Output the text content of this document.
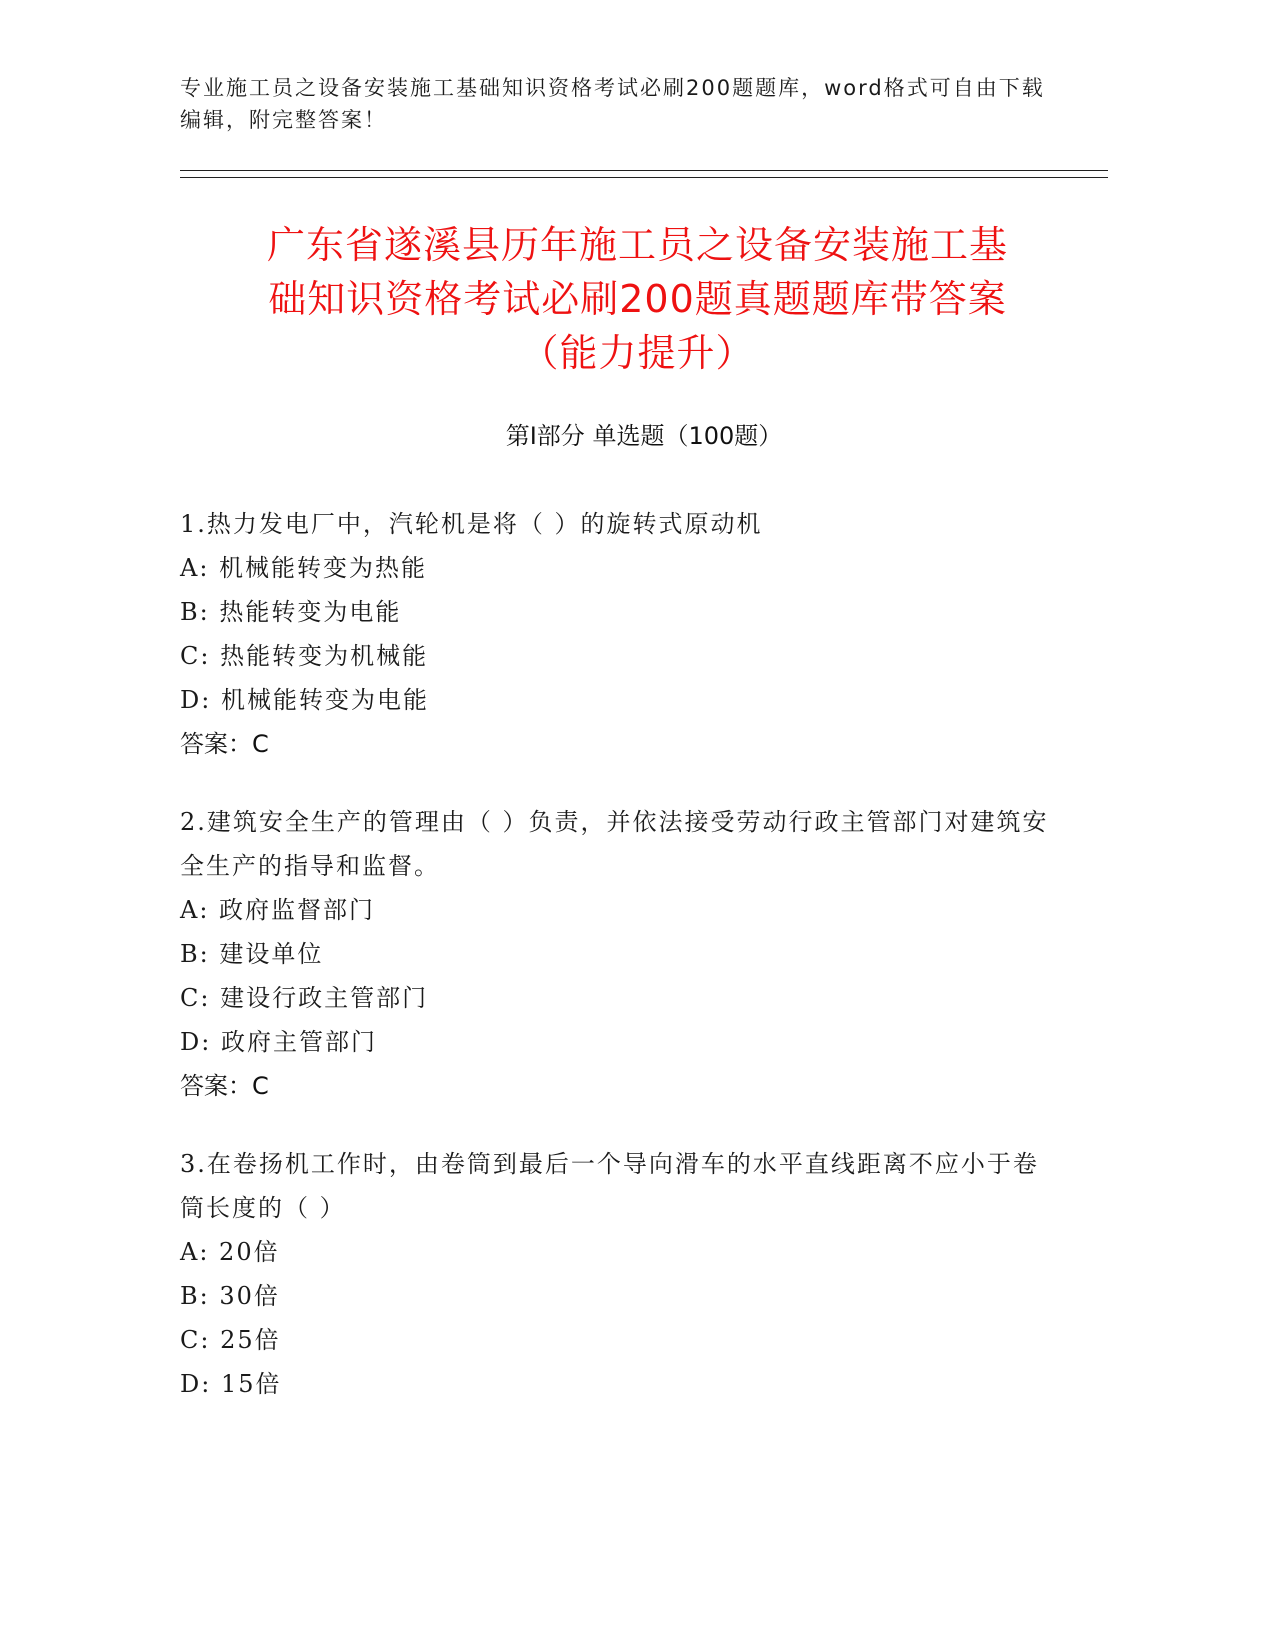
专业施工员之设备安装施工基础知识资格考试必刷200题题库，word格式可自由下载编辑，附完整答案！
广东省遂溪县历年施工员之设备安装施工基
础知识资格考试必刷200题真题题库带答案
（能力提升）
第Ⅰ部分 单选题（100题）
1.热力发电厂中，汽轮机是将（ ）的旋转式原动机
A: 机械能转变为热能
B: 热能转变为电能
C: 热能转变为机械能
D: 机械能转变为电能
答案：C
2.建筑安全生产的管理由（ ）负责，并依法接受劳动行政主管部门对建筑安全生产的指导和监督。
A: 政府监督部门
B: 建设单位
C: 建设行政主管部门
D: 政府主管部门
答案：C
3.在卷扬机工作时，由卷筒到最后一个导向滑车的水平直线距离不应小于卷筒长度的（ ）
A: 20倍
B: 30倍
C: 25倍
D: 15倍
